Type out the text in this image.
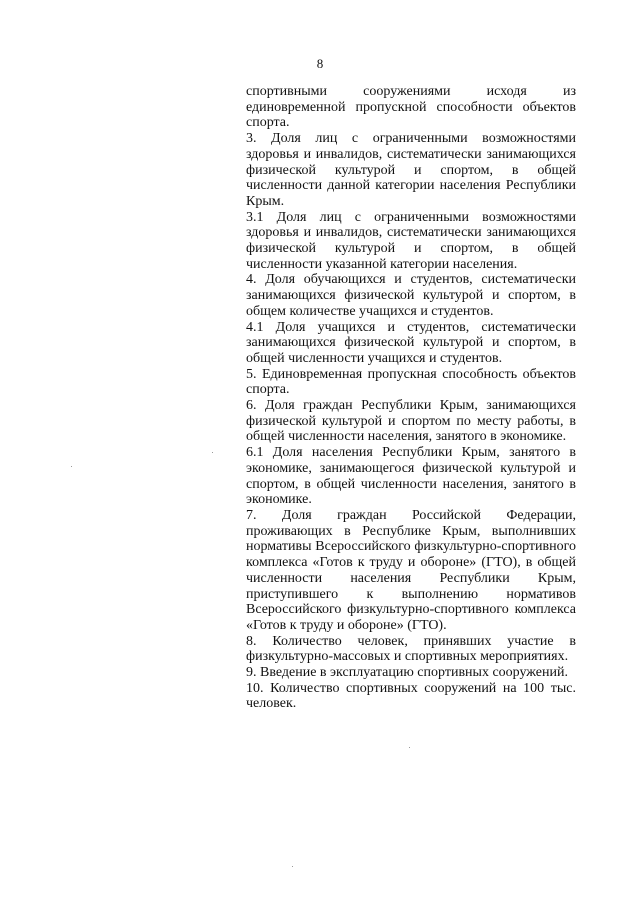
8

спортивными сооружениями исходя из единовременной пропускной способности объектов спорта.

3. Доля лиц с ограниченными возможностями здоровья и инвалидов, систематически занимающихся физической культурой и спортом, в общей численности данной категории населения Республики Крым.

3.1 Доля лиц с ограниченными возможностями здоровья и инвалидов, систематически занимающихся физической культурой и спортом, в общей численности указанной категории населения.

4. Доля обучающихся и студентов, систематически занимающихся физической культурой и спортом, в общем количестве учащихся и студентов.

4.1 Доля учащихся и студентов, систематически занимающихся физической культурой и спортом, в общей численности учащихся и студентов.

5. Единовременная пропускная способность объектов спорта.

6. Доля граждан Республики Крым, занимающихся физической культурой и спортом по месту работы, в общей численности населения, занятого в экономике.

6.1 Доля населения Республики Крым, занятого в экономике, занимающегося физической культурой и спортом, в общей численности населения, занятого в экономике.

7. Доля граждан Российской Федерации, проживающих в Республике Крым, выполнивших нормативы Всероссийского физкультурно-спортивного комплекса «Готов к труду и обороне» (ГТО), в общей численности населения Республики Крым, приступившего к выполнению нормативов Всероссийского физкультурно-спортивного комплекса «Готов к труду и обороне» (ГТО).

8. Количество человек, принявших участие в физкультурно-массовых и спортивных мероприятиях.

9. Введение в эксплуатацию спортивных сооружений.

10. Количество спортивных сооружений на 100 тыс. человек.
